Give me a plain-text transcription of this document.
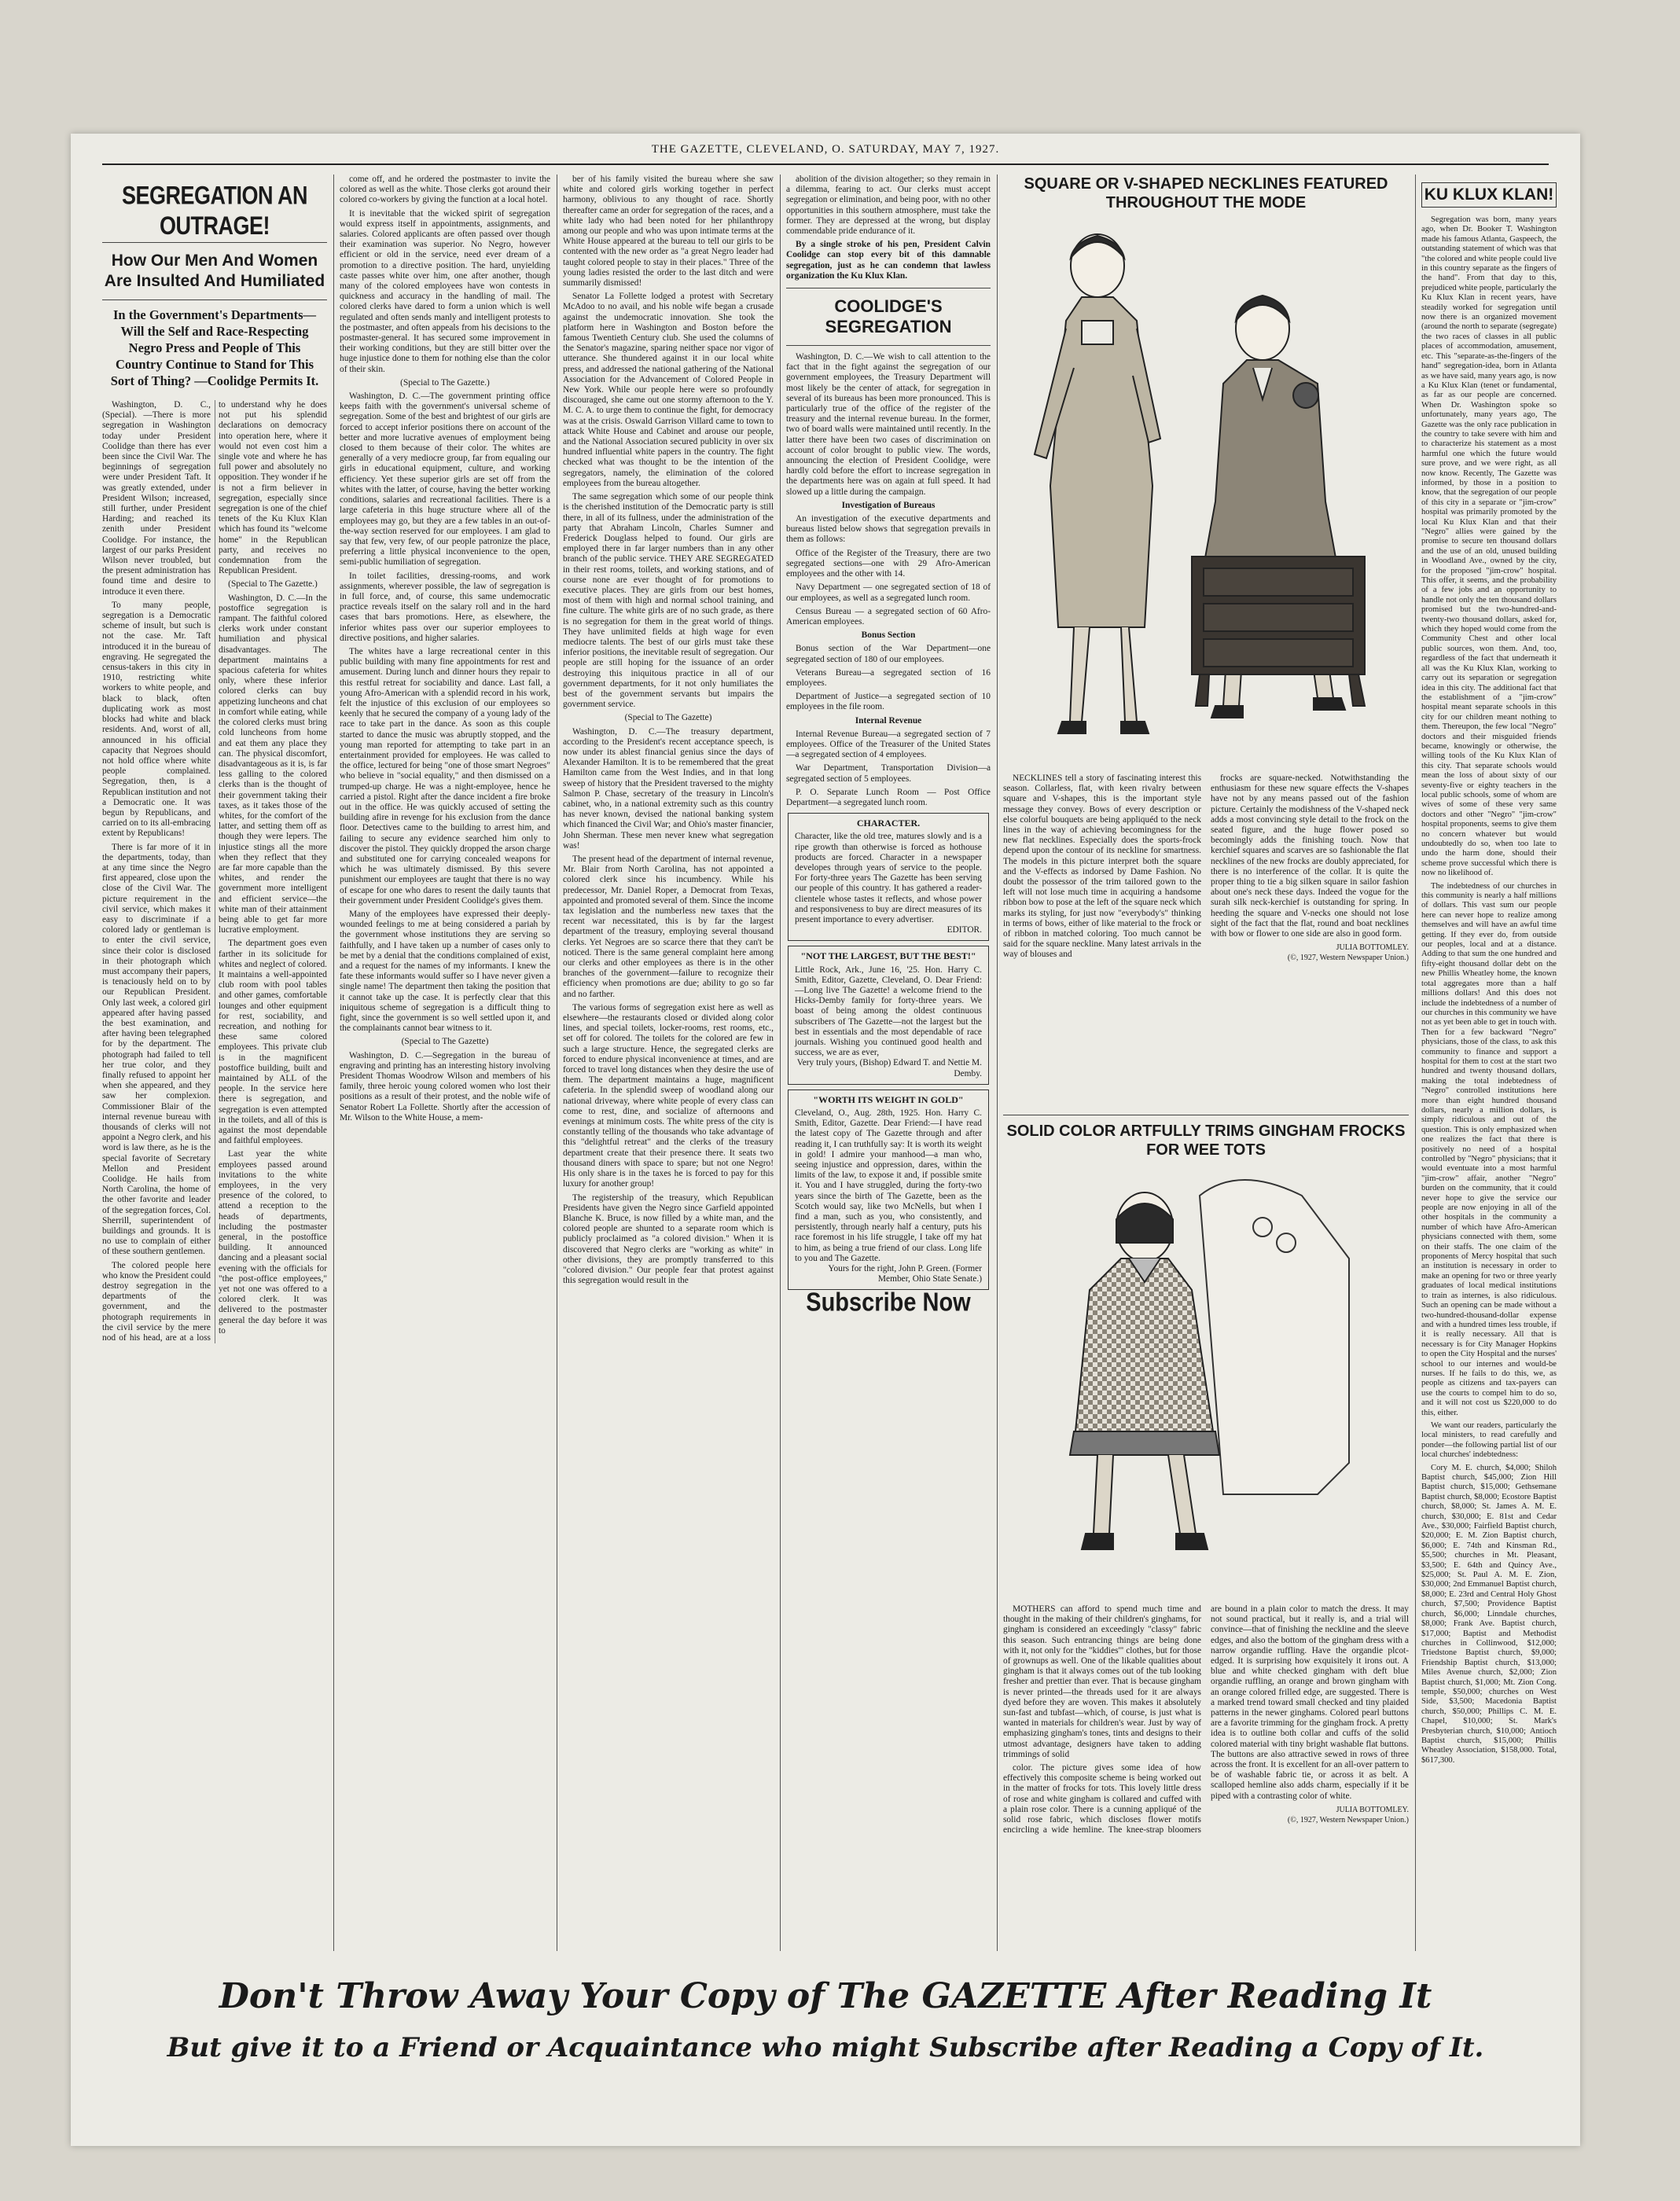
THE GAZETTE, CLEVELAND, O. SATURDAY, MAY 7, 1927.
SEGREGATION AN OUTRAGE!
How Our Men And Women Are Insulted And Humiliated
In the Government's Departments—Will the Self and Race-Respecting Negro Press and People of This Country Continue to Stand for This Sort of Thing? —Coolidge Permits It.

Washington, D. C., (Special). —There is more segregation in Washington today under President Coolidge than there has ever been since the Civil War. The beginnings of segregation were under President Taft. It was greatly extended, under President Wilson; increased, still further, under President Harding; and reached its zenith under President Coolidge. For instance, the largest of our parks President Wilson never troubled, but the present administration has found time and desire to introduce it even there.

To many people, segregation is a Democratic scheme of insult, but such is not the case. Mr. Taft introduced it in the bureau of engraving. He segregated the census-takers in this city in 1910, restricting white workers to white people, and black to black, often duplicating work as most blocks had white and black residents. And, worst of all, announced in his official capacity that Negroes should not hold office where white people complained. Segregation, then, is a Republican institution and not a Democratic one. It was begun by Republicans, and carried on to its all-embracing extent by Republicans!

There is far more of it in the departments, today, than at any time since the Negro first appeared, close upon the close of the Civil War. The picture requirement in the civil service, which makes it easy to discriminate if a colored lady or gentleman is to enter the civil service, since their color is disclosed in their photograph which must accompany their papers, is tenaciously held on to by our Republican President. Only last week, a colored girl appeared after having passed the best examination, and after having been telegraphed for by the department. The photograph had failed to tell her true color, and they finally refused to appoint her when she appeared, and they saw her complexion. Commissioner Blair of the internal revenue bureau with thousands of clerks will not appoint a Negro clerk, and his word is law there, as he is the special favorite of Secretary Mellon and President Coolidge. He hails from North Carolina, the home of the other favorite and leader of the segregation forces, Col. Sherrill, superintendent of buildings and grounds. It is no use to complain of either of these southern gentlemen.

The colored people here who know the President could destroy segregation in the departments of the government, and the photograph requirements in the civil service by the mere nod of his head, are at a loss to understand why he does not put his splendid declarations on democracy into operation here, where it would not even cost him a single vote and where he has full power and absolutely no opposition. They wonder if he is not a firm believer in segregation, especially since segregation is one of the chief tenets of the Ku Klux Klan which has found its "welcome home" in the Republican party, and receives no condemnation from the Republican President.

(Special to The Gazette.)

Washington, D. C.—In the postoffice segregation is rampant. The faithful colored clerks work under constant humiliation and physical disadvantages. The department maintains a spacious cafeteria for whites only, where these inferior colored clerks can buy appetizing luncheons and chat in comfort while eating, while the colored clerks must bring cold luncheons from home and eat them any place they can. The physical discomfort, disadvantageous as it is, is far less galling to the colored clerks than is the thought of their government taking their taxes, as it takes those of the whites, for the comfort of the latter, and setting them off as though they were lepers. The injustice stings all the more when they reflect that they are far more capable than the whites, and render the government more intelligent and efficient service—the white man of their attainment being able to get far more lucrative employment.

The department goes even farther in its solicitude for whites and neglect of colored. It maintains a well-appointed club room with pool tables and other games, comfortable lounges and other equipment for rest, sociability, and recreation, and nothing for these same colored employees. This private club is in the magnificent postoffice building, built and maintained by ALL of the people. In the service here there is segregation, and segregation is even attempted in the toilets, and all of this is against the most dependable and faithful employees.

Last year the white employees passed around invitations to the white employees, in the very presence of the colored, to attend a reception to the heads of departments, including the postmaster general, in the postoffice building. It announced dancing and a pleasant social evening with the officials for "the post-office employees," yet not one was offered to a colored clerk. It was delivered to the postmaster general the day before it was to

come off, and he ordered the postmaster to invite the colored as well as the white. Those clerks got around their colored co-workers by giving the function at a local hotel.

It is inevitable that the wicked spirit of segregation would express itself in appointments, assignments, and salaries. Colored applicants are often passed over though their examination was superior. No Negro, however efficient or old in the service, need ever dream of a promotion to a directive position. The hard, unyielding caste passes white over him, one after another, though many of the colored employees have won contests in quickness and accuracy in the handling of mail. The colored clerks have dared to form a union which is well regulated and often sends manly and intelligent protests to the postmaster, and often appeals from his decisions to the postmaster-general. It has secured some improvement in their working conditions, but they are still bitter over the huge injustice done to them for nothing else than the color of their skin.

(Special to The Gazette.)

Washington, D. C.—The government printing office keeps faith with the government's universal scheme of segregation. Some of the best and brightest of our girls are forced to accept inferior positions there on account of the better and more lucrative avenues of employment being closed to them because of their color. The whites are generally of a very mediocre group, far from equaling our girls in educational equipment, culture, and working efficiency. Yet these superior girls are set off from the whites with the latter, of course, having the better working conditions, salaries and recreational facilities. There is a large cafeteria in this huge structure where all of the employees may go, but they are a few tables in an out-of-the-way section reserved for our employees. I am glad to say that few, very few, of our people patronize the place, preferring a little physical inconvenience to the open, semi-public humiliation of segregation.

In toilet facilities, dressing-rooms, and work assignments, wherever possible, the law of segregation is in full force, and, of course, this same undemocratic practice reveals itself on the salary roll and in the hard cases that bars promotions. Here, as elsewhere, the inferior whites pass over our superior employees to directive positions, and higher salaries.

The whites have a large recreational center in this public building with many fine appointments for rest and amusement. During lunch and dinner hours they repair to this restful retreat for sociability and dance. Last fall, a young Afro-American with a splendid record in his work, felt the injustice of this exclusion of our employees so keenly that he secured the company of a young lady of the race to take part in the dance. As soon as this couple started to dance the music was abruptly stopped, and the young man reported for attempting to take part in an entertainment provided for employees. He was called to the office, lectured for being "one of those smart Negroes" who believe in "social equality," and then dismissed on a trumped-up charge. He was a night-employee, hence he carried a pistol. Right after the dance incident a fire broke out in the office. He was quickly accused of setting the building afire in revenge for his exclusion from the dance floor. Detectives came to the building to arrest him, and failing to secure any evidence searched him only to discover the pistol. They quickly dropped the arson charge and substituted one for carrying concealed weapons for which he was ultimately dismissed. By this severe punishment our employees are taught that there is no way of escape for one who dares to resent the daily taunts that their government under President Coolidge's gives them.

Many of the employees have expressed their deeply-wounded feelings to me at being considered a pariah by the government whose institutions they are serving so faithfully, and I have taken up a number of cases only to be met by a denial that the conditions complained of exist, and a request for the names of my informants. I knew the fate these informants would suffer so I have never given a single name! The department then taking the position that it cannot take up the case. It is perfectly clear that this iniquitous scheme of segregation is a difficult thing to fight, since the government is so well settled upon it, and the complainants cannot bear witness to it.

(Special to The Gazette)

Washington, D. C.—Segregation in the bureau of engraving and printing has an interesting history involving President Thomas Woodrow Wilson and members of his family, three heroic young colored women who lost their positions as a result of their protest, and the noble wife of Senator Robert La Follette. Shortly after the accession of Mr. Wilson to the White House, a mem-

ber of his family visited the bureau where she saw white and colored girls working together in perfect harmony, oblivious to any thought of race. Shortly thereafter came an order for segregation of the races, and a white lady who had been noted for her philanthropy among our people and who was upon intimate terms at the White House appeared at the bureau to tell our girls to be contented with the new order as "a great Negro leader had taught colored people to stay in their places." Three of the young ladies resisted the order to the last ditch and were summarily dismissed!

Senator La Follette lodged a protest with Secretary McAdoo to no avail, and his noble wife began a crusade against the undemocratic innovation. She took the platform here in Washington and Boston before the famous Twentieth Century club. She used the columns of the Senator's magazine, sparing neither space nor vigor of utterance. She thundered against it in our local white press, and addressed the national gathering of the National Association for the Advancement of Colored People in New York. While our people here were so profoundly discouraged, she came out one stormy afternoon to the Y. M. C. A. to urge them to continue the fight, for democracy was at the crisis. Oswald Garrison Villard came to town to attack White House and Cabinet and arouse our people, and the National Association secured publicity in over six hundred influential white papers in the country. The fight checked what was thought to be the intention of the segregators, namely, the elimination of the colored employees from the bureau altogether.

The same segregation which some of our people think is the cherished institution of the Democratic party is still there, in all of its fullness, under the administration of the party that Abraham Lincoln, Charles Sumner and Frederick Douglass helped to found. Our girls are employed there in far larger numbers than in any other branch of the public service. THEY ARE SEGREGATED in their rest rooms, toilets, and working stations, and of course none are ever thought of for promotions to executive places. They are girls from our best homes, most of them with high and normal school training, and fine culture. The white girls are of no such grade, as there is no segregation for them in the great world of things. They have unlimited fields at high wage for even mediocre talents. The best of our girls must take these inferior positions, the inevitable result of segregation. Our people are still hoping for the issuance of an order destroying this iniquitous practice in all of our government departments, for it not only humiliates the best of the government servants but impairs the government service.

(Special to The Gazette)

Washington, D. C.—The treasury department, according to the President's recent acceptance speech, is now under its ablest financial genius since the days of Alexander Hamilton. It is to be remembered that the great Hamilton came from the West Indies, and in that long sweep of history that the President traversed to the mighty Salmon P. Chase, secretary of the treasury in Lincoln's cabinet, who, in a national extremity such as this country has never known, devised the national banking system which financed the Civil War; and Ohio's master financier, John Sherman. These men never knew what segregation was!

The present head of the department of internal revenue, Mr. Blair from North Carolina, has not appointed a colored clerk since his incumbency. While his predecessor, Mr. Daniel Roper, a Democrat from Texas, appointed and promoted several of them. Since the income tax legislation and the numberless new taxes that the recent war necessitated, this is by far the largest department of the treasury, employing several thousand clerks. Yet Negroes are so scarce there that they can't be noticed. There is the same general complaint here among our clerks and other employees as there is in the other branches of the government—failure to recognize their efficiency when promotions are due; ability to go so far and no farther.

The various forms of segregation exist here as well as elsewhere—the restaurants closed or divided along color lines, and special toilets, locker-rooms, rest rooms, etc., set off for colored. The toilets for the colored are few in such a large structure. Hence, the segregated clerks are forced to endure physical inconvenience at times, and are forced to travel long distances when they desire the use of them. The department maintains a huge, magnificent cafeteria. In the splendid sweep of woodland along our national driveway, where white people of every class can come to rest, dine, and socialize of afternoons and evenings at minimum costs. The white press of the city is constantly telling of the thousands who take advantage of this "delightful retreat" and the clerks of the treasury department create that their presence there. It seats two thousand diners with space to spare; but not one Negro! His only share is in the taxes he is forced to pay for this luxury for another group!

The registership of the treasury, which Republican Presidents have given the Negro since Garfield appointed Blanche K. Bruce, is now filled by a white man, and the colored people are shunted to a separate room which is publicly proclaimed as "a colored division." When it is discovered that Negro clerks are "working as white" in other divisions, they are promptly transferred to this "colored division." Our people fear that protest against this segregation would result in the

abolition of the division altogether; so they remain in a dilemma, fearing to act. Our clerks must accept segregation or elimination, and being poor, with no other opportunities in this southern atmosphere, must take the former. They are depressed at the wrong, but display commendable pride endurance of it.

By a single stroke of his pen, President Calvin Coolidge can stop every bit of this damnable segregation, just as he can condemn that lawless organization the Ku Klux Klan.

COOLIDGE'S SEGREGATION

Washington, D. C.—We wish to call attention to the fact that in the fight against the segregation of our government employees, the Treasury Department will most likely be the center of attack, for segregation in several of its bureaus has been more pronounced. This is particularly true of the office of the register of the treasury and the internal revenue bureau. In the former, two of board walls were maintained until recently. In the latter there have been two cases of discrimination on account of color brought to public view. The words, announcing the election of President Coolidge, were hardly cold before the effort to increase segregation in the departments here was on again at full speed. It had slowed up a little during the campaign.

Investigation of Bureaus

An investigation of the executive departments and bureaus listed below shows that segregation prevails in them as follows:

Office of the Register of the Treasury, there are two segregated sections—one with 29 Afro-American employees and the other with 14.

Navy Department — one segregated section of 18 of our employees, as well as a segregated lunch room.

Census Bureau — a segregated section of 60 Afro-American employees.

Bonus Section

Bonus section of the War Department—one segregated section of 180 of our employees.

Veterans Bureau—a segregated section of 16 employees.

Department of Justice—a segregated section of 10 employees in the file room.

Internal Revenue

Internal Revenue Bureau—a segregated section of 7 employees. Office of the Treasurer of the United States—a segregated section of 4 employees.

War Department, Transportation Division—a segregated section of 5 employees.

P. O. Separate Lunch Room — Post Office Department—a segregated lunch room.

CHARACTER.
Character, like the old tree, matures slowly and is a ripe growth than otherwise is forced as hothouse products are forced. Character in a newspaper developes through years of service to the people. For forty-three years The Gazette has been serving our people of this country. It has gathered a reader-clientele whose tastes it reflects, and whose power and responsiveness to buy are direct measures of its present importance to every advertiser.
EDITOR.
"NOT THE LARGEST, BUT THE BEST!"
Little Rock, Ark., June 16, '25. Hon. Harry C. Smith, Editor, Gazette, Cleveland, O. Dear Friend:—Long live The Gazette! a welcome friend to the Hicks-Demby family for forty-three years. We boast of being among the oldest continuous subscribers of The Gazette—not the largest but the best in essentials and the most dependable of race journals. Wishing you continued good health and success, we are as ever,
Very truly yours, (Bishop) Edward T. and Nettie M. Demby.
"WORTH ITS WEIGHT IN GOLD"
Cleveland, O., Aug. 28th, 1925. Hon. Harry C. Smith, Editor, Gazette. Dear Friend:—I have read the latest copy of The Gazette through and after reading it, I can truthfully say: It is worth its weight in gold! I admire your manhood—a man who, seeing injustice and oppression, dares, within the limits of the law, to expose it and, if possible smite it. You and I have struggled, during the forty-two years since the birth of The Gazette, been as the Scotch would say, like two McNells, but when I find a man, such as you, who consistently, and persistently, through nearly half a century, puts his race foremost in his life struggle, I take off my hat to him, as being a true friend of our class. Long life to you and The Gazette.
Yours for the right, John P. Green. (Former Member, Ohio State Senate.)
Subscribe Now
SQUARE OR V-SHAPED NECKLINES FEATURED THROUGHOUT THE MODE

NECKLINES tell a story of fascinating interest this season. Collarless, flat, with keen rivalry between square and V-shapes, this is the important style message they convey. Bows of every description or else colorful bouquets are being appliquéd to the neck lines in the way of achieving becomingness for the new flat necklines. Especially does the sports-frock depend upon the contour of its neckline for smartness. The models in this picture interpret both the square and the V-effects as indorsed by Dame Fashion. No doubt the possessor of the trim tailored gown to the left will not lose much time in acquiring a handsome ribbon bow to pose at the left of the square neck which marks its styling, for just now "everybody's" thinking in terms of bows, either of like material to the frock or of ribbon in matched coloring. Too much cannot be said for the square neckline. Many latest arrivals in the way of blouses and

frocks are square-necked. Notwithstanding the enthusiasm for these new square effects the V-shapes have not by any means passed out of the fashion picture. Certainly the modishness of the V-shaped neck adds a most convincing style detail to the frock on the seated figure, and the huge flower posed so becomingly adds the finishing touch. Now that kerchief squares and scarves are so fashionable the flat necklines of the new frocks are doubly appreciated, for there is no interference of the collar. It is quite the proper thing to tie a big silken square in sailor fashion about one's neck these days. Indeed the vogue for the surah silk neck-kerchief is outstanding for spring. In heeding the square and V-necks one should not lose sight of the fact that the flat, round and boat necklines with bow or flower to one side are also in good form.

JULIA BOTTOMLEY.
(©, 1927, Western Newspaper Union.)
SOLID COLOR ARTFULLY TRIMS GINGHAM FROCKS FOR WEE TOTS

MOTHERS can afford to spend much time and thought in the making of their children's ginghams, for gingham is considered an exceedingly "classy" fabric this season. Such entrancing things are being done with it, not only for the "kiddies'" clothes, but for those of grownups as well. One of the likable qualities about gingham is that it always comes out of the tub looking fresher and prettier than ever. That is because gingham is never printed—the threads used for it are always dyed before they are woven. This makes it absolutely sun-fast and tubfast—which, of course, is just what is wanted in materials for children's wear. Just by way of emphasizing gingham's tones, tints and designs to their utmost advantage, designers have taken to adding trimmings of solid

color. The picture gives some idea of how effectively this composite scheme is being worked out in the matter of frocks for tots. This lovely little dress of rose and white gingham is collared and cuffed with a plain rose color. There is a cunning appliqué of the solid rose fabric, which discloses flower motifs encircling a wide hemline. The knee-strap bloomers are bound in a plain color to match the dress. It may not sound practical, but it really is, and a trial will convince—that of finishing the neckline and the sleeve edges, and also the bottom of the gingham dress with a narrow organdie ruffling. Have the organdie plcot-edged. It is surprising how exquisitely it irons out. A blue and white checked gingham with deft blue organdie ruffling, an orange and brown gingham with an orange colored frilled edge, are suggested. There is a marked trend toward small checked and tiny plaided patterns in the newer ginghams. Colored pearl buttons are a favorite trimming for the gingham frock. A pretty idea is to outline both collar and cuffs of the solid colored material with tiny bright washable flat buttons. The buttons are also attractive sewed in rows of three across the front. It is excellent for an all-over pattern to be of washable fabric tie, or across it as belt. A scalloped hemline also adds charm, especially if it be piped with a contrasting color of white.

JULIA BOTTOMLEY.
(©, 1927, Western Newspaper Union.)
KU KLUX KLAN!

Segregation was born, many years ago, when Dr. Booker T. Washington made his famous Atlanta, Gaspeech, the outstanding statement of which was that "the colored and white people could live in this country separate as the fingers of the hand". From that day to this, prejudiced white people, particularly the Ku Klux Klan in recent years, have steadily worked for segregation until now there is an organized movement (around the north to separate (segregate) the two races of classes in all public places of accommodation, amusement, etc. This "separate-as-the-fingers of the hand" segregation-idea, born in Atlanta as we have said, many years ago, is now a Ku Klux Klan (tenet or fundamental, as far as our people are concerned. When Dr. Washington spoke so unfortunately, many years ago, The Gazette was the only race publication in the country to take severe with him and to characterize his statement as a most harmful one which the future would sure prove, and we were right, as all now know. Recently, The Gazette was informed, by those in a position to know, that the segregation of our people of this city in a separate or "jim-crow" hospital was primarily promoted by the local Ku Klux Klan and that their "Negro" allies were gained by the promise to secure ten thousand dollars and the use of an old, unused building in Woodland Ave., owned by the city, for the proposed "jim-crow" hospital. This offer, it seems, and the probability of a few jobs and an opportunity to handle not only the ten thousand dollars promised but the two-hundred-and-twenty-two thousand dollars, asked for, which they hoped would come from the Community Chest and other local public sources, won them. And, too, regardless of the fact that underneath it all was the Ku Klux Klan, working to carry out its separation or segregation idea in this city. The additional fact that the establishment of a "jim-crow" hospital meant separate schools in this city for our children meant nothing to them. Thereupon, the few local "Negro" doctors and their misguided friends became, knowingly or otherwise, the willing tools of the Ku Klux Klan of this city. That separate schools would mean the loss of about sixty of our seventy-five or eighty teachers in the local public schools, some of whom are wives of some of these very same doctors and other "Negro" "jim-crow" hospital proponents, seems to give them no concern whatever but would undoubtedly do so, when too late to undo the harm done, should their scheme prove successful which there is now no likelihood of.

The indebtedness of our churches in this community is nearly a half millions of dollars. This vast sum our people here can never hope to realize among themselves and will have an awful time getting. If they ever do, from outside our peoples, local and at a distance. Adding to that sum the one hundred and fifty-eight thousand dollar debt on the new Phillis Wheatley home, the known total aggregates more than a half millions dollars! And this does not include the indebtedness of a number of our churches in this community we have not as yet been able to get in touch with. Then for a few backward "Negro" physicians, those of the class, to ask this community to finance and support a hospital for them to cost at the start two hundred and twenty thousand dollars, making the total indebtedness of "Negro" controlled institutions here more than eight hundred thousand dollars, nearly a million dollars, is simply ridiculous and out of the question. This is only emphasized when one realizes the fact that there is positively no need of a hospital controlled by "Negro" physicians; that it would eventuate into a most harmful "jim-crow" affair, another "Negro" burden on the community, that it could never hope to give the service our people are now enjoying in all of the other hospitals in the community a number of which have Afro-American physicians connected with them, some on their staffs. The one claim of the proponents of Mercy hospital that such an institution is necessary in order to make an opening for two or three yearly graduates of local medical institutions to train as internes, is also ridiculous. Such an opening can be made without a two-hundred-thousand-dollar expense and with a hundred times less trouble, if it is really necessary. All that is necessary is for City Manager Hopkins to open the City Hospital and the nurses' school to our internes and would-be nurses. If he fails to do this, we, as people as citizens and tax-payers can use the courts to compel him to do so, and it will not cost us $220,000 to do this, either.

We want our readers, particularly the local ministers, to read carefully and ponder—the following partial list of our local churches' indebtedness:

Cory M. E. church, $4,000; Shiloh Baptist church, $45,000; Zion Hill Baptist church, $15,000; Gethsemane Baptist church, $8,000; Ecostore Baptist church, $8,000; St. James A. M. E. church, $30,000; E. 81st and Cedar Ave., $30,000; Fairfield Baptist church, $20,000; E. M. Zion Baptist church, $6,000; E. 74th and Kinsman Rd., $5,500; churches in Mt. Pleasant, $3,500; E. 64th and Quincy Ave., $25,000; St. Paul A. M. E. Zion, $30,000; 2nd Emmanuel Baptist church, $8,000; E. 23rd and Central Holy Ghost church, $7,500; Providence Baptist church, $6,000; Linndale churches, $8,000; Frank Ave. Baptist church, $17,000; Baptist and Methodist churches in Collinwood, $12,000; Triedstone Baptist church, $9,000; Friendship Baptist church, $13,000; Miles Avenue church, $2,000; Zion Baptist church, $1,000; Mt. Zion Cong. temple, $50,000; churches on West Side, $3,500; Macedonia Baptist church, $50,000; Phillips C. M. E. Chapel, $10,000; St. Mark's Presbyterian church, $10,000; Antioch Baptist church, $15,000; Phillis Wheatley Association, $158,000. Total, $617,300.

Don't Throw Away Your Copy of The GAZETTE After Reading It
But give it to a Friend or Acquaintance who might Subscribe after Reading a Copy of It.
